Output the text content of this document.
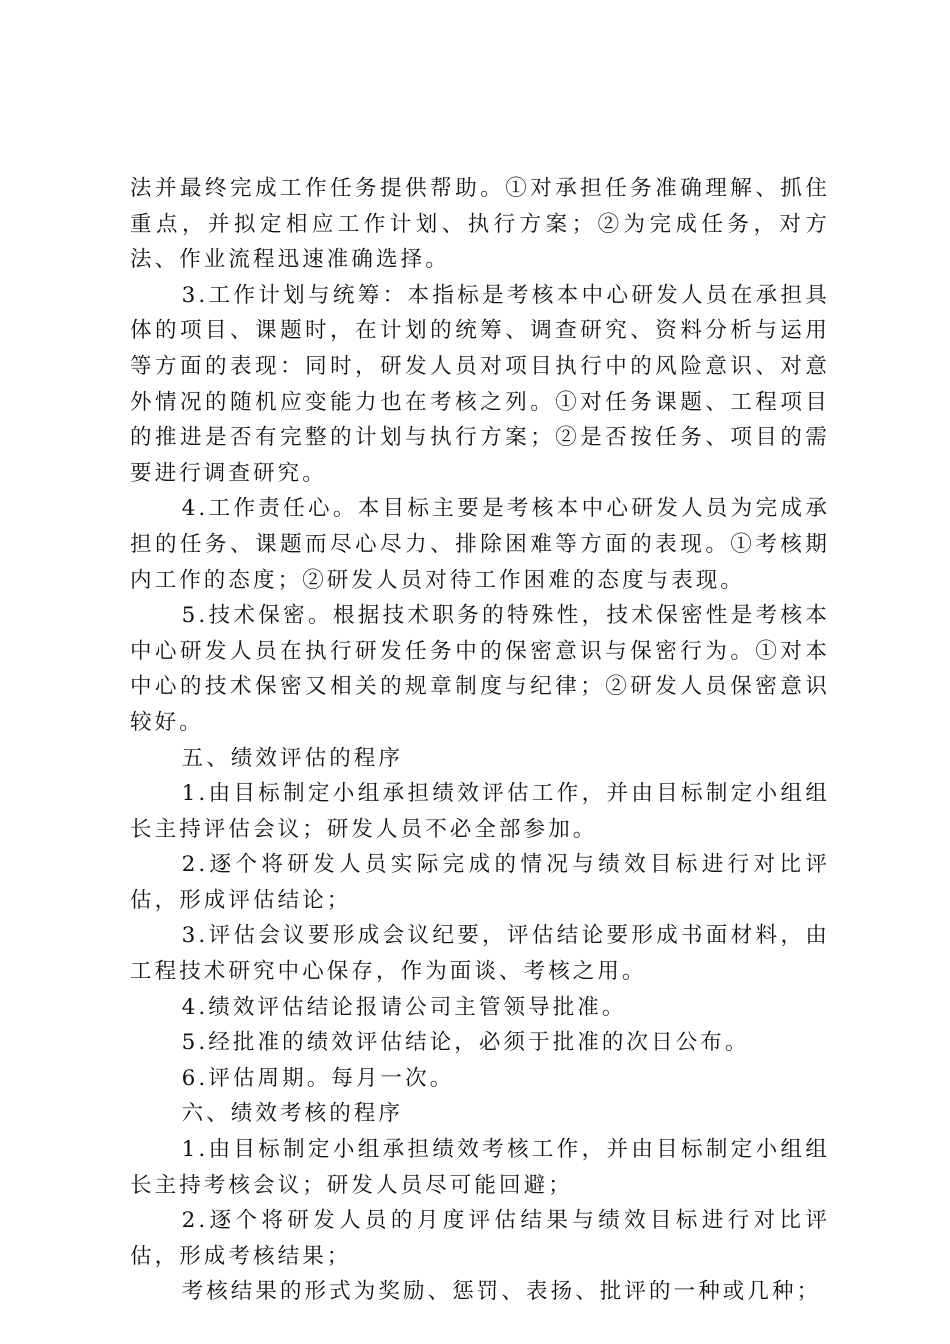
法并最终完成工作任务提供帮助。①对承担任务准确理解、抓住重点，并拟定相应工作计划、执行方案；②为完成任务，对方法、作业流程迅速准确选择。

3.工作计划与统筹：本指标是考核本中心研发人员在承担具体的项目、课题时，在计划的统筹、调查研究、资料分析与运用等方面的表现：同时，研发人员对项目执行中的风险意识、对意外情况的随机应变能力也在考核之列。①对任务课题、工程项目的推进是否有完整的计划与执行方案；②是否按任务、项目的需要进行调查研究。

4.工作责任心。本目标主要是考核本中心研发人员为完成承担的任务、课题而尽心尽力、排除困难等方面的表现。①考核期内工作的态度；②研发人员对待工作困难的态度与表现。

5.技术保密。根据技术职务的特殊性，技术保密性是考核本中心研发人员在执行研发任务中的保密意识与保密行为。①对本中心的技术保密又相关的规章制度与纪律；②研发人员保密意识较好。

五、绩效评估的程序

1.由目标制定小组承担绩效评估工作，并由目标制定小组组长主持评估会议；研发人员不必全部参加。

2.逐个将研发人员实际完成的情况与绩效目标进行对比评估，形成评估结论；

3.评估会议要形成会议纪要，评估结论要形成书面材料，由工程技术研究中心保存，作为面谈、考核之用。

4.绩效评估结论报请公司主管领导批准。

5.经批准的绩效评估结论，必须于批准的次日公布。

6.评估周期。每月一次。

六、绩效考核的程序

1.由目标制定小组承担绩效考核工作，并由目标制定小组组长主持考核会议；研发人员尽可能回避；

2.逐个将研发人员的月度评估结果与绩效目标进行对比评估，形成考核结果；

考核结果的形式为奖励、惩罚、表扬、批评的一种或几种；
